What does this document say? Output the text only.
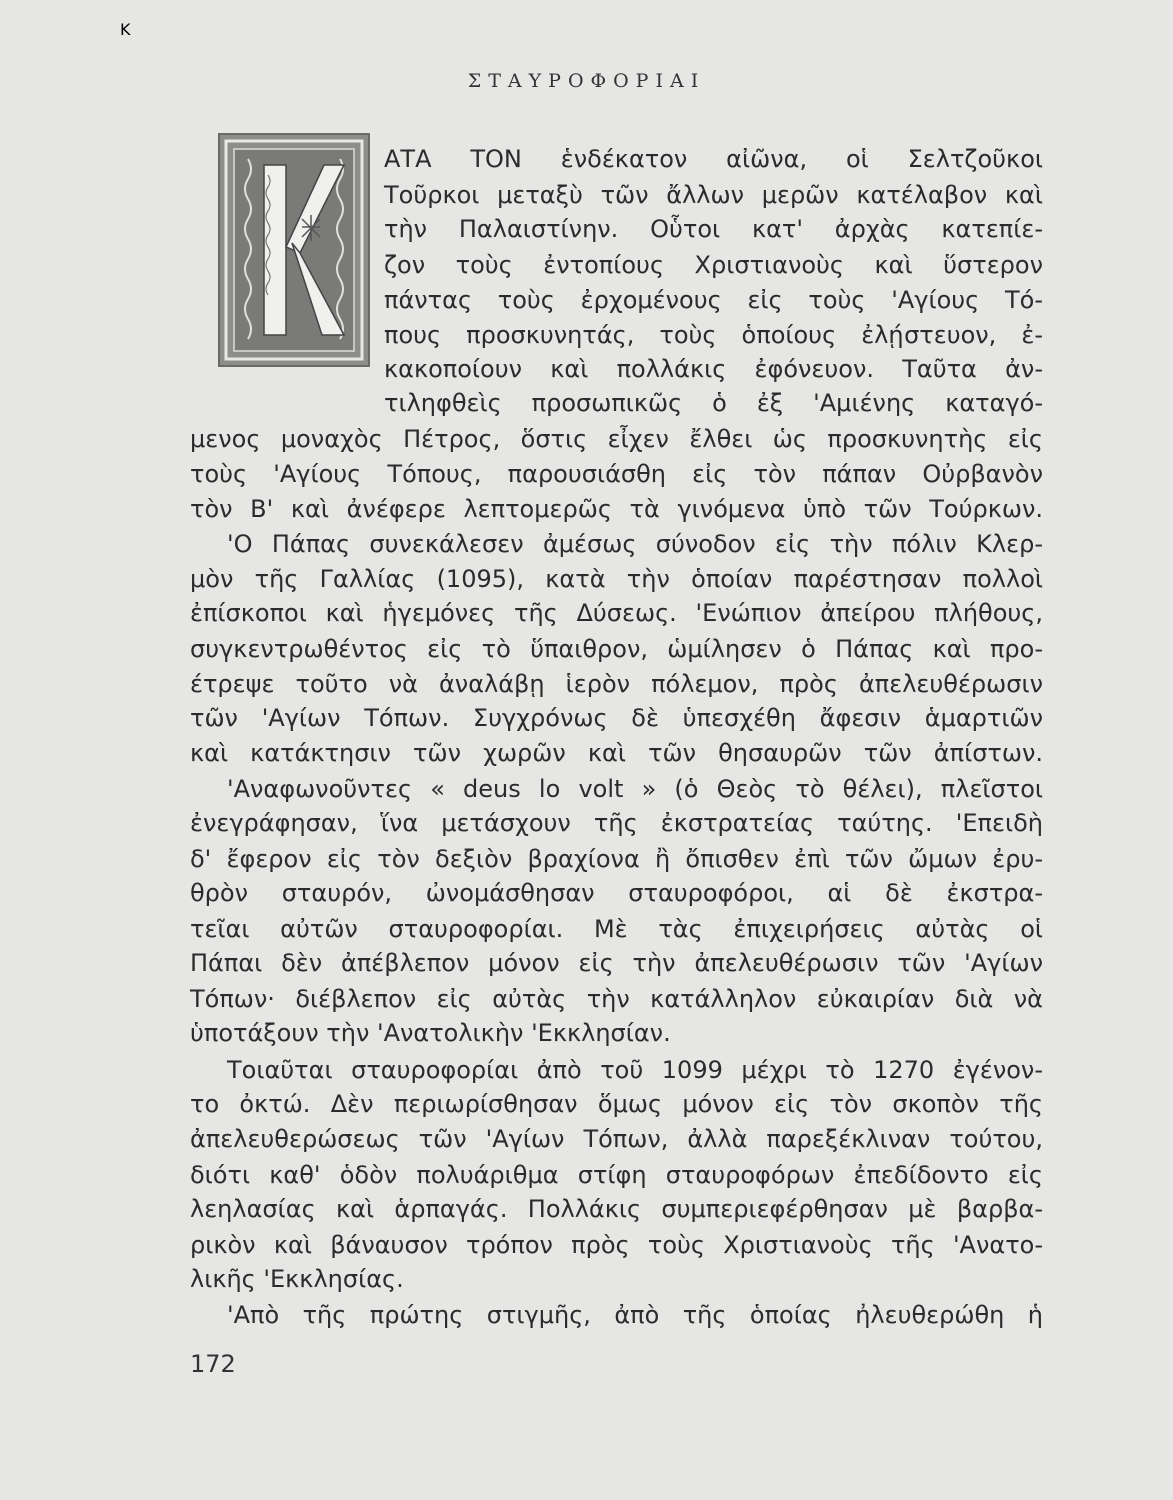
ΣΤΑΥΡΟΦΟΡΙΑΙ
K
ΑΤΑ ΤΟΝ ἑνδέκατον αἰῶνα, οἱ Σελτζοῦκοι
Τοῦρκοι μεταξὺ τῶν ἄλλων μερῶν κατέλαβον καὶ
τὴν Παλαιστίνην. Οὗτοι κατ' ἀρχὰς κατεπίε-
ζον τοὺς ἐντοπίους Χριστιανοὺς καὶ ὕστερον
πάντας τοὺς ἐρχομένους εἰς τοὺς 'Αγίους Τό-
πους προσκυνητάς, τοὺς ὁποίους ἐλῄστευον, ἐ-
κακοποίουν καὶ πολλάκις ἐφόνευον. Ταῦτα ἀν-
τιληφθεὶς προσωπικῶς ὁ ἐξ 'Αμιένης καταγό-
μενος μοναχὸς Πέτρος, ὅστις εἶχεν ἔλθει ὡς προσκυνητὴς εἰς
τοὺς 'Αγίους Τόπους, παρουσιάσθη εἰς τὸν πάπαν Οὐρβανὸν
τὸν Β' καὶ ἀνέφερε λεπτομερῶς τὰ γινόμενα ὑπὸ τῶν Τούρκων.
'Ο Πάπας συνεκάλεσεν ἀμέσως σύνοδον εἰς τὴν πόλιν Κλερ-
μὸν τῆς Γαλλίας (1095), κατὰ τὴν ὁποίαν παρέστησαν πολλοὶ
ἐπίσκοποι καὶ ἡγεμόνες τῆς Δύσεως. 'Ενώπιον ἀπείρου πλήθους,
συγκεντρωθέντος εἰς τὸ ὕπαιθρον, ὡμίλησεν ὁ Πάπας καὶ προ-
έτρεψε τοῦτο νὰ ἀναλάβῃ ἱερὸν πόλεμον, πρὸς ἀπελευθέρωσιν
τῶν 'Αγίων Τόπων. Συγχρόνως δὲ ὑπεσχέθη ἄφεσιν ἁμαρτιῶν
καὶ κατάκτησιν τῶν χωρῶν καὶ τῶν θησαυρῶν τῶν ἀπίστων.
'Αναφωνοῦντες « deus lo volt » (ὁ Θεὸς τὸ θέλει), πλεῖστοι
ἐνεγράφησαν, ἵνα μετάσχουν τῆς ἐκστρατείας ταύτης. 'Επειδὴ
δ' ἔφερον εἰς τὸν δεξιὸν βραχίονα ἢ ὄπισθεν ἐπὶ τῶν ὤμων ἐρυ-
θρὸν σταυρόν, ὠνομάσθησαν σταυροφόροι, αἱ δὲ ἐκστρα-
τεῖαι αὐτῶν σταυροφορίαι. Μὲ τὰς ἐπιχειρήσεις αὐτὰς οἱ
Πάπαι δὲν ἀπέβλεπον μόνον εἰς τὴν ἀπελευθέρωσιν τῶν 'Αγίων
Τόπων· διέβλεπον εἰς αὐτὰς τὴν κατάλληλον εὐκαιρίαν διὰ νὰ
ὑποτάξουν τὴν 'Ανατολικὴν 'Εκκλησίαν.
Τοιαῦται σταυροφορίαι ἀπὸ τοῦ 1099 μέχρι τὸ 1270 ἐγένον-
το ὀκτώ. Δὲν περιωρίσθησαν ὅμως μόνον εἰς τὸν σκοπὸν τῆς
ἀπελευθερώσεως τῶν 'Αγίων Τόπων, ἀλλὰ παρεξέκλιναν τούτου,
διότι καθ' ὁδὸν πολυάριθμα στίφη σταυροφόρων ἐπεδίδοντο εἰς
λεηλασίας καὶ ἁρπαγάς. Πολλάκις συμπεριεφέρθησαν μὲ βαρβα-
ρικὸν καὶ βάναυσον τρόπον πρὸς τοὺς Χριστιανοὺς τῆς 'Ανατο-
λικῆς 'Εκκλησίας.
'Απὸ τῆς πρώτης στιγμῆς, ἀπὸ τῆς ὁποίας ἠλευθερώθη ἡ
172
